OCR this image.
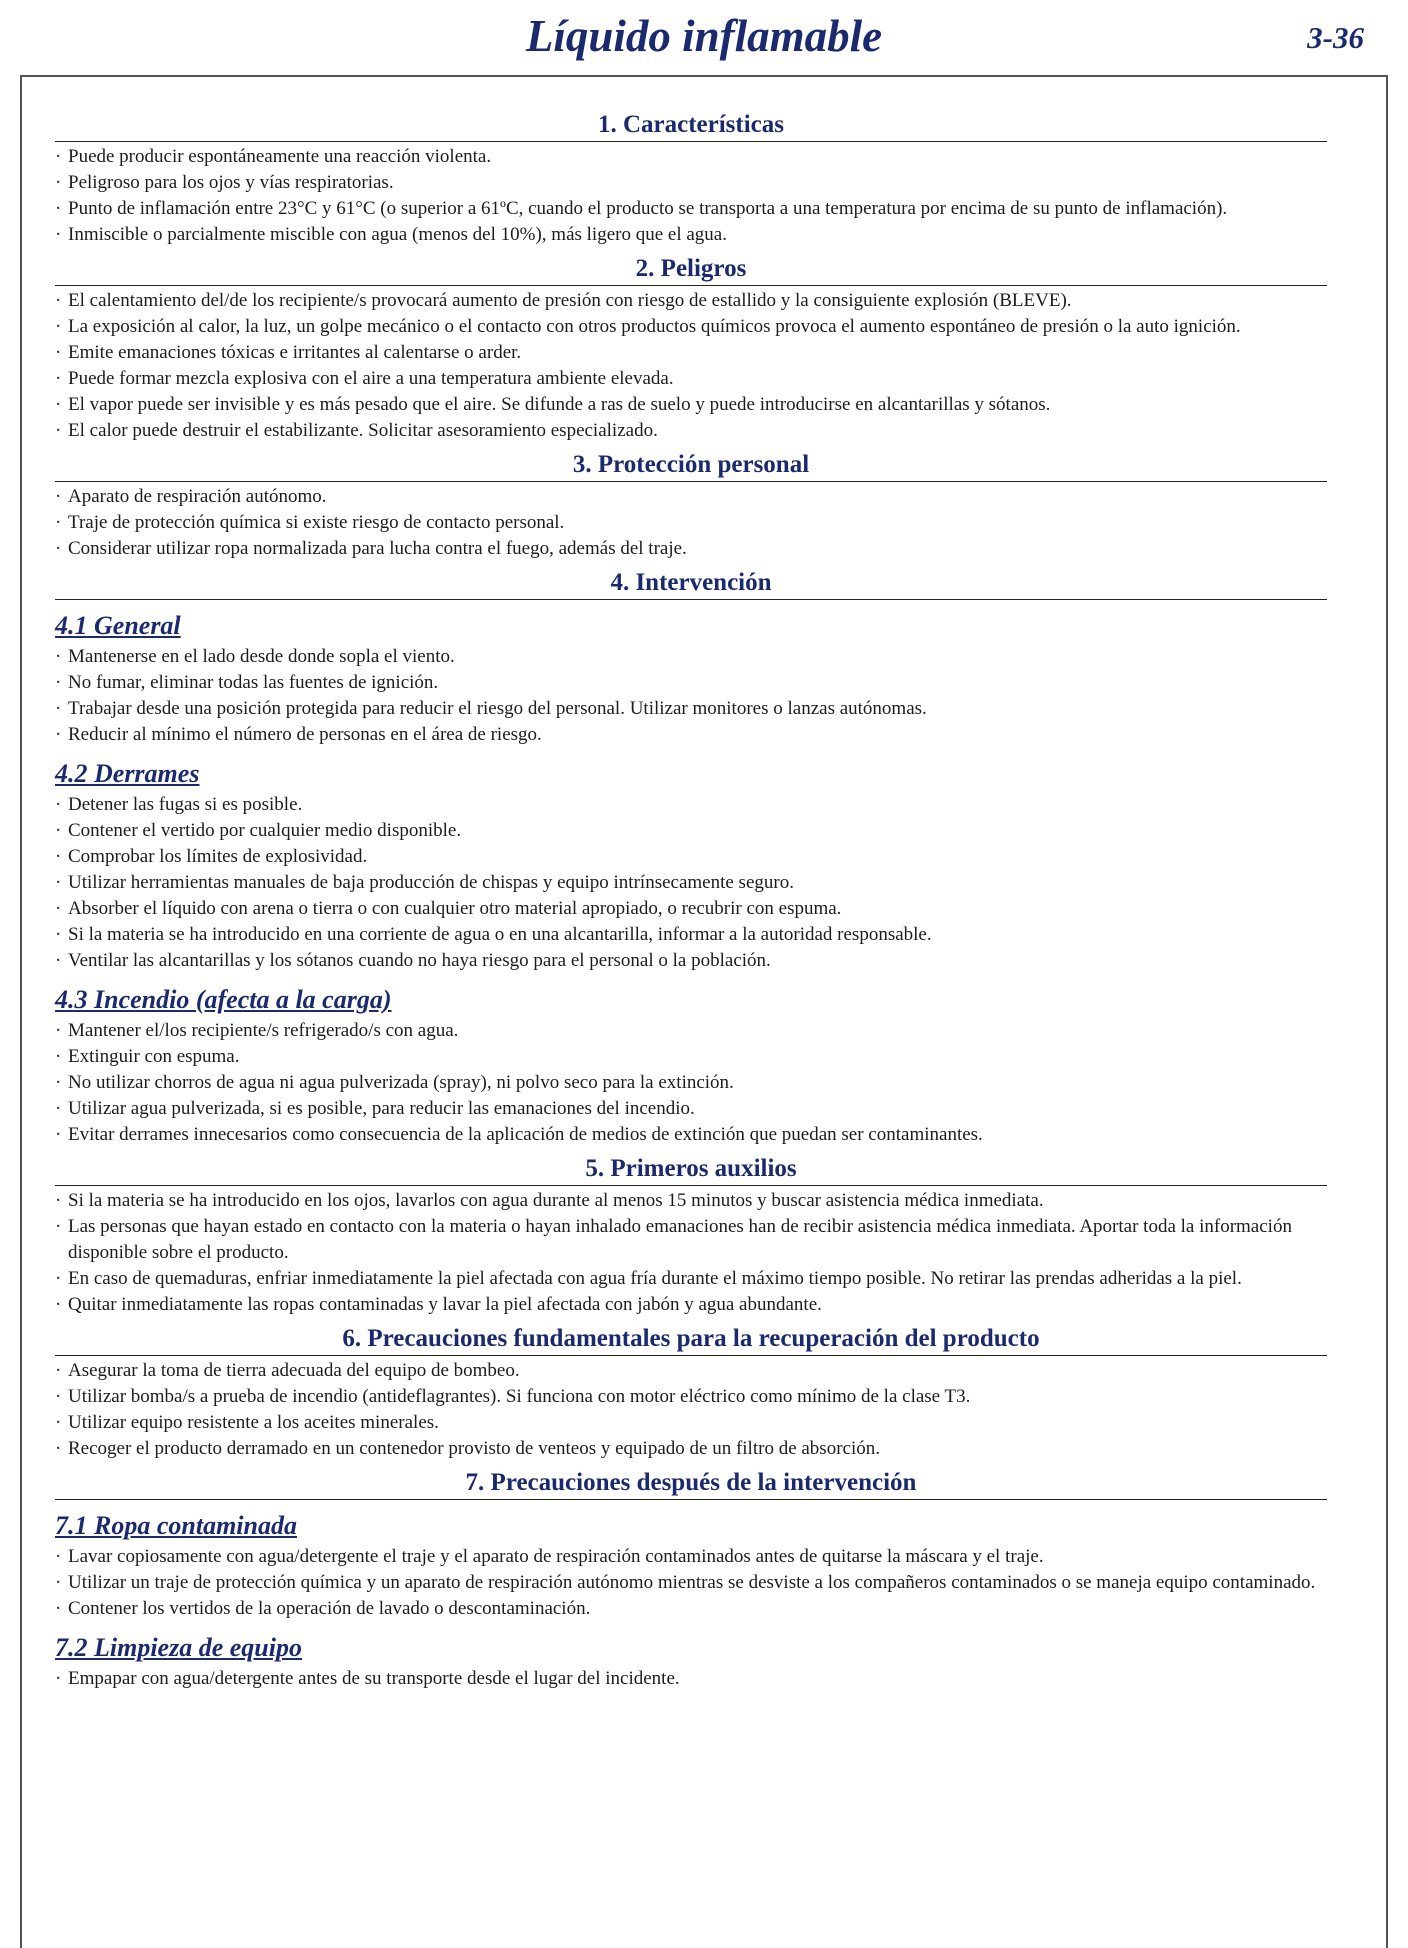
Líquido inflamable	3-36
1. Características
· Puede producir espontáneamente una reacción violenta.
· Peligroso para los ojos y vías respiratorias.
· Punto de inflamación entre 23°C y 61°C (o superior a 61ºC, cuando el producto se transporta a una temperatura por encima de su punto de inflamación).
· Inmiscible o parcialmente miscible con agua (menos del 10%), más ligero que el agua.
2. Peligros
· El calentamiento del/de los recipiente/s provocará aumento de presión con riesgo de estallido y la consiguiente explosión (BLEVE).
· La exposición al calor, la luz, un golpe mecánico o el contacto con otros productos químicos provoca el aumento espontáneo de presión o la auto ignición.
· Emite emanaciones tóxicas e irritantes al calentarse o arder.
· Puede formar mezcla explosiva con el aire a una temperatura ambiente elevada.
· El vapor puede ser invisible y es más pesado que el aire. Se difunde a ras de suelo y puede introducirse en alcantarillas y sótanos.
· El calor puede destruir el estabilizante. Solicitar asesoramiento especializado.
3. Protección personal
· Aparato de respiración autónomo.
· Traje de protección química si existe riesgo de contacto personal.
· Considerar utilizar ropa normalizada para lucha contra el fuego, además del traje.
4. Intervención
4.1 General
· Mantenerse en el lado desde donde sopla el viento.
· No fumar, eliminar todas las fuentes de ignición.
· Trabajar desde una posición protegida para reducir el riesgo del personal. Utilizar monitores o lanzas autónomas.
· Reducir al mínimo el número de personas en el área de riesgo.
4.2 Derrames
· Detener las fugas si es posible.
· Contener el vertido por cualquier medio disponible.
· Comprobar los límites de explosividad.
· Utilizar herramientas manuales de baja producción de chispas y equipo intrínsecamente seguro.
· Absorber el líquido con arena o tierra o con cualquier otro material apropiado, o recubrir con espuma.
· Si la materia se ha introducido en una corriente de agua o en una alcantarilla, informar a la autoridad responsable.
· Ventilar las alcantarillas y los sótanos cuando no haya riesgo para el personal o la población.
4.3 Incendio (afecta a la carga)
· Mantener el/los recipiente/s refrigerado/s con agua.
· Extinguir con espuma.
· No utilizar chorros de agua ni agua pulverizada (spray), ni polvo seco para la extinción.
· Utilizar agua pulverizada, si es posible, para reducir las emanaciones del incendio.
· Evitar derrames innecesarios como consecuencia de la aplicación de medios de extinción que puedan ser contaminantes.
5. Primeros auxilios
· Si la materia se ha introducido en los ojos, lavarlos con agua durante al menos 15 minutos y buscar asistencia médica inmediata.
· Las personas que hayan estado en contacto con la materia o hayan inhalado emanaciones han de recibir asistencia médica inmediata. Aportar toda la información disponible sobre el producto.
· En caso de quemaduras, enfriar inmediatamente la piel afectada con agua fría durante el máximo tiempo posible. No retirar las prendas adheridas a la piel.
· Quitar inmediatamente las ropas contaminadas y lavar la piel afectada con jabón y agua abundante.
6. Precauciones fundamentales para la recuperación del producto
· Asegurar la toma de tierra adecuada del equipo de bombeo.
· Utilizar bomba/s a prueba de incendio (antideflagrantes). Si funciona con motor eléctrico como mínimo de la clase T3.
· Utilizar equipo resistente a los aceites minerales.
· Recoger el producto derramado en un contenedor provisto de venteos y equipado de un filtro de absorción.
7. Precauciones después de la intervención
7.1 Ropa contaminada
· Lavar copiosamente con agua/detergente el traje y el aparato de respiración contaminados antes de quitarse la máscara y el traje.
· Utilizar un traje de protección química y un aparato de respiración autónomo mientras se desviste a los compañeros contaminados o se maneja equipo contaminado.
· Contener los vertidos de la operación de lavado o descontaminación.
7.2 Limpieza de equipo
· Empapar con agua/detergente antes de su transporte desde el lugar del incidente.
